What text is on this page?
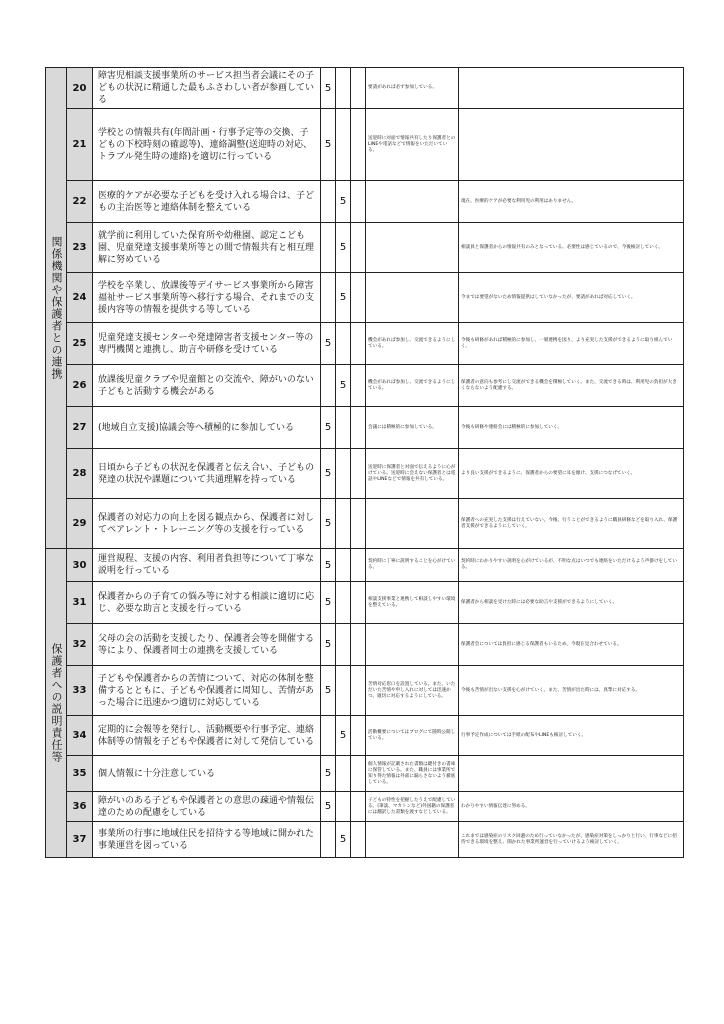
関係機関や保護者との連携	20	障害児相談支援事業所のサービス担当者会議にその子どもの状況に精通した最もふさわしい者が参画している	5			要請があれば必ず参加している。	
	21	学校との情報共有(年間計画・行事予定等の交換、子どもの下校時刻の確認等)、連絡調整(送迎時の対応、トラブル発生時の連絡)を適切に行っている	5			送迎時に対面で情報共有したり保護者とのLINEや電話などで情報をいただいている。	
	22	医療的ケアが必要な子どもを受け入れる場合は、子どもの主治医等と連絡体制を整えている		5			現在、医療的ケアが必要な利用児の利用はありません。
	23	就学前に利用していた保育所や幼稚園、認定こども園、児童発達支援事業所等との間で情報共有と相互理解に努めている		5			相談員と保護者からの情報共有のみとなっている。必要性は感じているので、今後検討していく。
	24	学校を卒業し、放課後等デイサービス事業所から障害福祉サービス事業所等へ移行する場合、それまでの支援内容等の情報を提供する等している		5			今までは要望がないため情報提供はしていなかったが、要請があれば対応していく。
	25	児童発達支援センターや発達障害者支援センター等の専門機関と連携し、助言や研修を受けている	5			機会があれば参加し、交流できるようにしている。	今後も研修があれば積極的に参加し、一層連携を図り、より充実した支援ができるように取り組んでいく。
	26	放課後児童クラブや児童館との交流や、障がいのない子どもと活動する機会がある		5		機会があれば参加し、交流できるようにしている。	保護者の意向も参考にし交流ができる機会を積極していく。また、交流できる時は、利用児の負担が大きくならないよう配慮する。
	27	(地域自立支援)協議会等へ積極的に参加している	5			会議には積極的に参加している。	今後も研修や連絡会には積極的に参加していく。
	28	日頃から子どもの状況を保護者と伝え合い、子どもの発達の状況や課題について共通理解を持っている	5			送迎時に保護者と対面で伝えるように心がけている。送迎時に会えない保護者とは電話やLINEなどで情報を共有している。	より良い支援ができるように、保護者からの要望に耳を傾け、支援につなげていく。
	29	保護者の対応力の向上を図る観点から、保護者に対してペアレント・トレーニング等の支援を行っている	5				保護者への充実した支援は行えていない。今後、行うことができるように職員研修などを取り入れ、保護者支援ができるようにしていく。

保護者への説明責任等	30	運営規程、支援の内容、利用者負担等について丁寧な説明を行っている	5			契約時に丁寧に説明することを心がけている。	契約時にわかりやすい説明を心がけているが、不明な点はいつでも連絡をいただけるよう声掛けをしている。
	31	保護者からの子育ての悩み等に対する相談に適切に応じ、必要な助言と支援を行っている	5			相談支援事業と連携して相談しやすい環境を整えている。	保護者から相談を受けた時には必要な助言や支援ができるようにしていく。
	32	父母の会の活動を支援したり、保護者会等を開催する等により、保護者同士の連携を支援している	5				保護者会については負担に感じる保護者もいるため、今現在見合わせている。
	33	子どもや保護者からの苦情について、対応の体制を整備するとともに、子どもや保護者に周知し、苦情があった場合に迅速かつ適切に対応している	5			苦情対応窓口を設置している。また、いただいた苦情や申し入れに対しては迅速かつ、適切に対応するようにしている。	今後も苦情が出ない支援を心がけていく。また、苦情が出た時には、真摯に対応する。
	34	定期的に会報等を発行し、活動概要や行事予定、連絡体制等の情報を子どもや保護者に対して発信している		5		活動概要についてはブログにて随時公開している。	行事予定作成については手紙の配布やLINEも検討していく。
	35	個人情報に十分注意している	5			個人情報が記載された書類は鍵付きの書庫に保管している。また、職員には事業所で知り得た情報は外部に漏らさないよう徹底している。	
	36	障がいのある子どもや保護者との意思の疎通や情報伝達のための配慮をしている	5			子どもの特性を把握したうえで配慮している。(筆談、マカトンなど)外国籍の保護者には翻訳した書類を渡すなどしている。	わかりやすい情報伝達に努める。
	37	事業所の行事に地域住民を招待する等地域に開かれた事業運営を図っている		5			これまでは感染症のリスク回避のため行っていなかったが、感染症対策をしっかりと行い、行事などに招待できる環境を整え、開かれた事業所運営を行っていけるよう検討していく。
